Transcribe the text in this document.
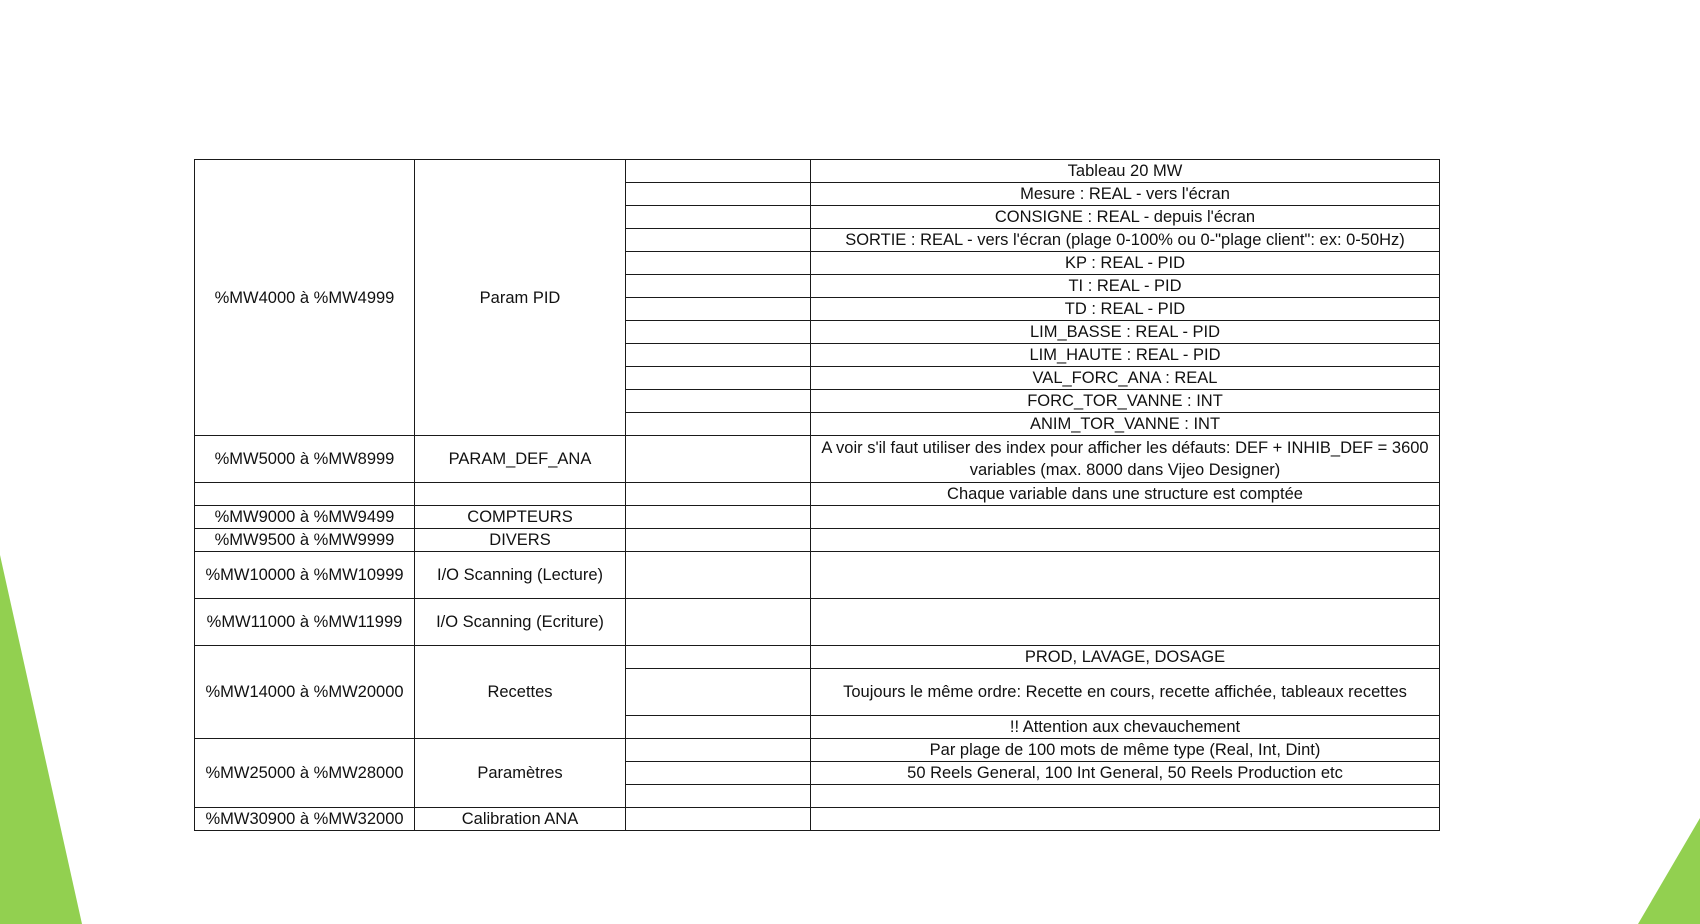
%MW4000 à %MW4999	Param PID		Tableau 20 MW
			Mesure : REAL - vers l'écran
			CONSIGNE : REAL - depuis l'écran
			SORTIE : REAL - vers l'écran (plage 0-100% ou 0-"plage client": ex: 0-50Hz)
			KP : REAL - PID
			TI : REAL - PID
			TD : REAL - PID
			LIM_BASSE : REAL - PID
			LIM_HAUTE : REAL - PID
			VAL_FORC_ANA : REAL
			FORC_TOR_VANNE : INT
			ANIM_TOR_VANNE : INT
%MW5000 à %MW8999	PARAM_DEF_ANA		A voir s'il faut utiliser des index pour afficher les défauts: DEF + INHIB_DEF = 3600 variables (max. 8000 dans Vijeo Designer)
			Chaque variable dans une structure est comptée
%MW9000 à %MW9499	COMPTEURS		
%MW9500 à %MW9999	DIVERS		
%MW10000 à %MW10999	I/O Scanning (Lecture)		
%MW11000 à %MW11999	I/O Scanning (Ecriture)		
%MW14000 à %MW20000	Recettes		PROD, LAVAGE, DOSAGE
			Toujours le même ordre: Recette en cours, recette affichée, tableaux recettes
			!! Attention aux chevauchement
%MW25000 à %MW28000	Paramètres		Par plage de 100 mots de même type (Real, Int, Dint)
			50 Reels General, 100 Int General, 50 Reels Production etc

%MW30900 à %MW32000	Calibration ANA		
